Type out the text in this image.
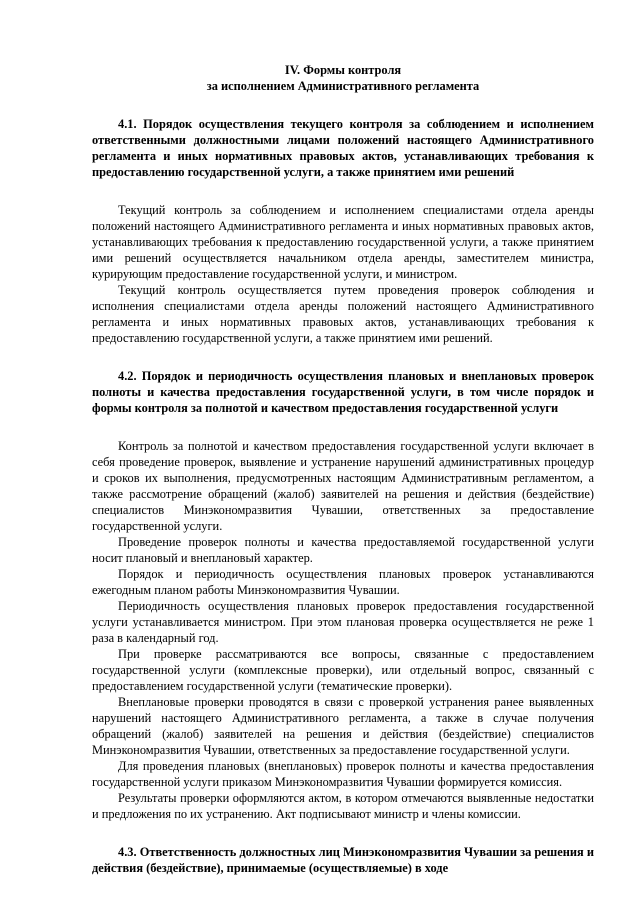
IV. Формы контроля
за исполнением Административного регламента

4.1. Порядок осуществления текущего контроля за соблюдением и исполнением ответственными должностными лицами положений настоящего Административного регламента и иных нормативных правовых актов, устанавливающих требования к предоставлению государственной услуги, а также принятием ими решений

Текущий контроль за соблюдением и исполнением специалистами отдела аренды положений настоящего Административного регламента и иных нормативных правовых актов, устанавливающих требования к предоставлению государственной услуги, а также принятием ими решений осуществляется начальником отдела аренды, заместителем министра, курирующим предоставление государственной услуги, и министром.

Текущий контроль осуществляется путем проведения проверок соблюдения и исполнения специалистами отдела аренды положений настоящего Административного регламента и иных нормативных правовых актов, устанавливающих требования к предоставлению государственной услуги, а также принятием ими решений.

4.2. Порядок и периодичность осуществления плановых и внеплановых проверок полноты и качества предоставления государственной услуги, в том числе порядок и формы контроля за полнотой и качеством предоставления государственной услуги

Контроль за полнотой и качеством предоставления государственной услуги включает в себя проведение проверок, выявление и устранение нарушений административных процедур и сроков их выполнения, предусмотренных настоящим Административным регламентом, а также рассмотрение обращений (жалоб) заявителей на решения и действия (бездействие) специалистов Минэкономразвития Чувашии, ответственных за предоставление государственной услуги.

Проведение проверок полноты и качества предоставляемой государственной услуги носит плановый и внеплановый характер.

Порядок и периодичность осуществления плановых проверок устанавливаются ежегодным планом работы Минэкономразвития Чувашии.

Периодичность осуществления плановых проверок предоставления государственной услуги устанавливается министром. При этом плановая проверка осуществляется не реже 1 раза в календарный год.

При проверке рассматриваются все вопросы, связанные с предоставлением государственной услуги (комплексные проверки), или отдельный вопрос, связанный с предоставлением государственной услуги (тематические проверки).

Внеплановые проверки проводятся в связи с проверкой устранения ранее выявленных нарушений настоящего Административного регламента, а также в случае получения обращений (жалоб) заявителей на решения и действия (бездействие) специалистов Минэкономразвития Чувашии, ответственных за предоставление государственной услуги.

Для проведения плановых (внеплановых) проверок полноты и качества предоставления государственной услуги приказом Минэкономразвития Чувашии формируется комиссия.

Результаты проверки оформляются актом, в котором отмечаются выявленные недостатки и предложения по их устранению. Акт подписывают министр и члены комиссии.

4.3. Ответственность должностных лиц Минэкономразвития Чувашии за решения и действия (бездействие), принимаемые (осуществляемые) в ходе
